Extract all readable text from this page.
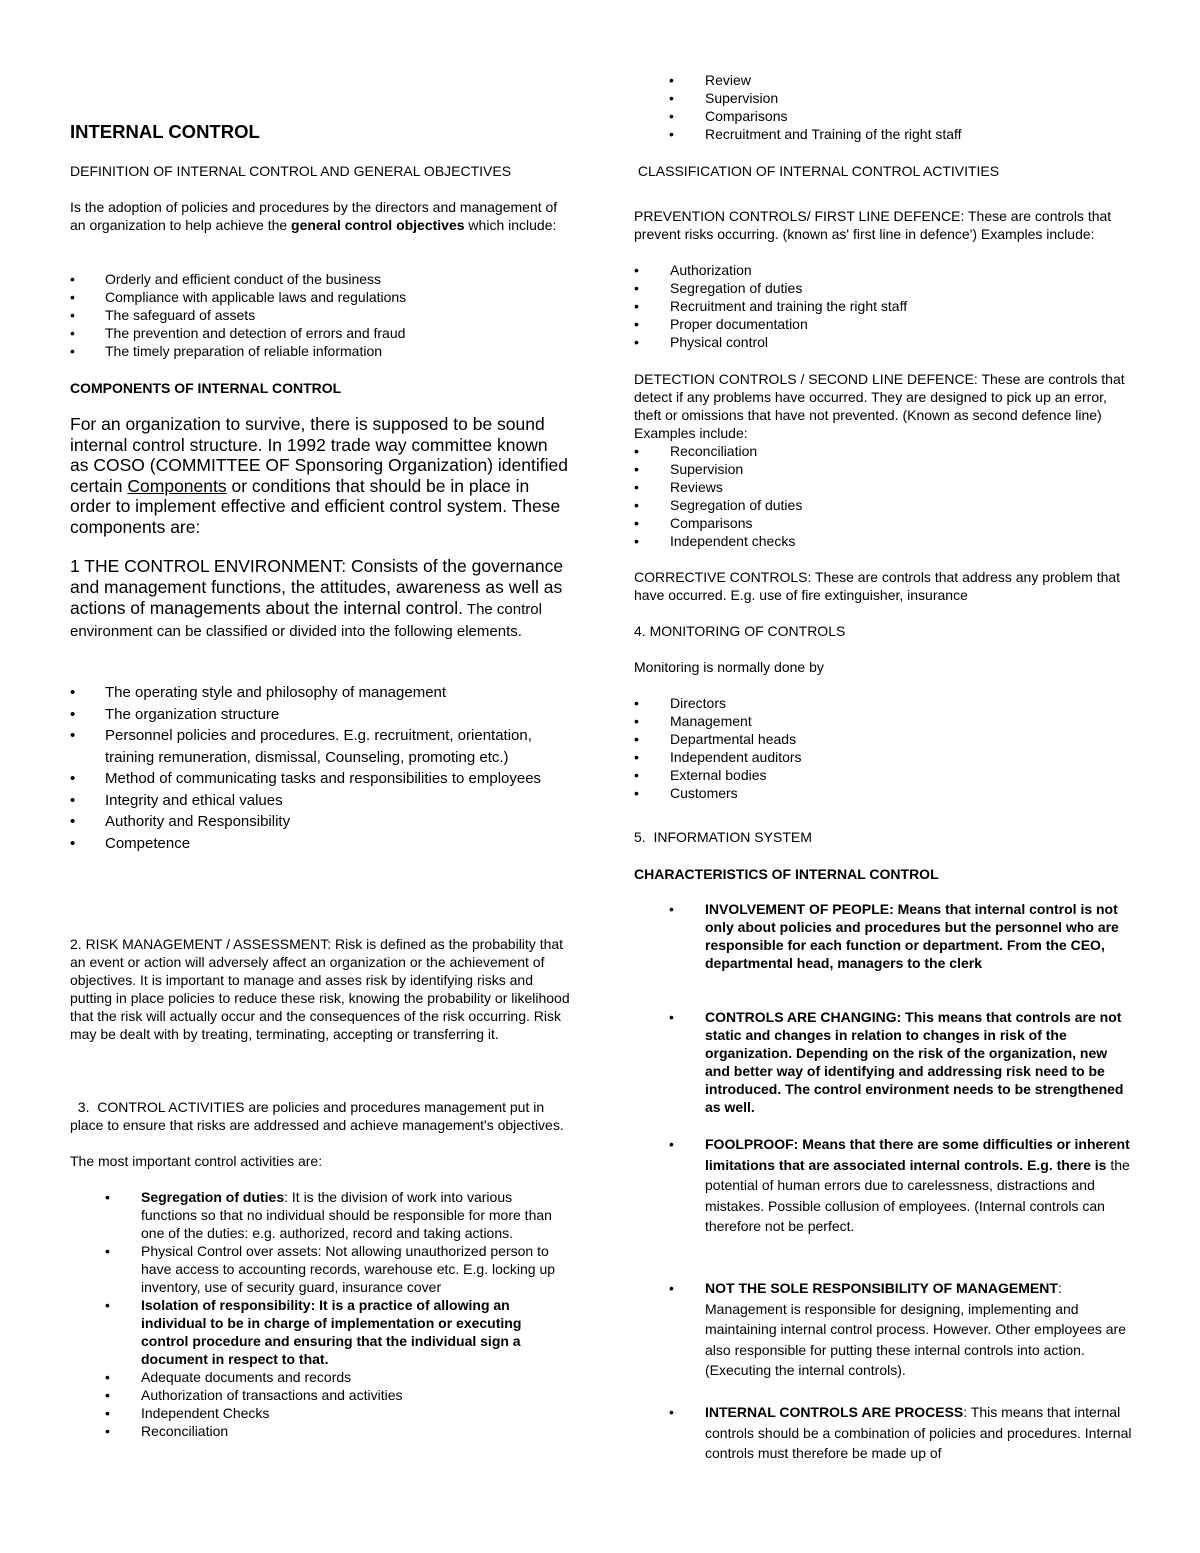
INTERNAL CONTROL
DEFINITION OF INTERNAL CONTROL AND GENERAL OBJECTIVES

Is the adoption of policies and procedures by the directors and management of an organization to help achieve the general control objectives which include:

• Orderly and efficient conduct of the business
• Compliance with applicable laws and regulations
• The safeguard of assets
• The prevention and detection of errors and fraud
• The timely preparation of reliable information
COMPONENTS OF INTERNAL CONTROL

For an organization to survive, there is supposed to be sound internal control structure. In 1992 trade way committee known as COSO (COMMITTEE OF Sponsoring Organization) identified certain Components or conditions that should be in place in order to implement effective and efficient control system. These components are:

1 THE CONTROL ENVIRONMENT: Consists of the governance and management functions, the attitudes, awareness as well as actions of managements about the internal control. The control environment can be classified or divided into the following elements.

• The operating style and philosophy of management
• The organization structure
• Personnel policies and procedures. E.g. recruitment, orientation, training remuneration, dismissal, Counseling, promoting etc.)
• Method of communicating tasks and responsibilities to employees
• Integrity and ethical values
• Authority and Responsibility
• Competence

2. RISK MANAGEMENT / ASSESSMENT: Risk is defined as the probability that an event or action will adversely affect an organization or the achievement of objectives. It is important to manage and asses risk by identifying risks and putting in place policies to reduce these risk, knowing the probability or likelihood that the risk will actually occur and the consequences of the risk occurring. Risk may be dealt with by treating, terminating, accepting or transferring it.

3.  CONTROL ACTIVITIES are policies and procedures management put in place to ensure that risks are addressed and achieve management's objectives.

The most important control activities are:

• Segregation of duties: It is the division of work into various functions so that no individual should be responsible for more than one of the duties: e.g. authorized, record and taking actions.
• Physical Control over assets: Not allowing unauthorized person to have access to accounting records, warehouse etc. E.g. locking up inventory, use of security guard, insurance cover
• Isolation of responsibility: It is a practice of allowing an individual to be in charge of implementation or executing control procedure and ensuring that the individual sign a document in respect to that.
• Adequate documents and records
• Authorization of transactions and activities
• Independent Checks
• Reconciliation
• Review
• Supervision
• Comparisons
• Recruitment and Training of the right staff
CLASSIFICATION OF INTERNAL CONTROL ACTIVITIES

PREVENTION CONTROLS/ FIRST LINE DEFENCE: These are controls that prevent risks occurring. (known as' first line in defence') Examples include:

• Authorization
• Segregation of duties
• Recruitment and training the right staff
• Proper documentation
• Physical control

DETECTION CONTROLS / SECOND LINE DEFENCE: These are controls that detect if any problems have occurred. They are designed to pick up an error, theft or omissions that have not prevented. (Known as second defence line) Examples include:

• Reconciliation
• Supervision
• Reviews
• Segregation of duties
• Comparisons
• Independent checks

CORRECTIVE CONTROLS: These are controls that address any problem that have occurred. E.g. use of fire extinguisher, insurance

4. MONITORING OF CONTROLS
Monitoring is normally done by
• Directors
• Management
• Departmental heads
• Independent auditors
• External bodies
• Customers
5.  INFORMATION SYSTEM
CHARACTERISTICS OF INTERNAL CONTROL
• INVOLVEMENT OF PEOPLE: Means that internal control is not only about policies and procedures but the personnel who are responsible for each function or department. From the CEO, departmental head, managers to the clerk
• CONTROLS ARE CHANGING: This means that controls are not static and changes in relation to changes in risk of the organization. Depending on the risk of the organization, new and better way of identifying and addressing risk need to be introduced. The control environment needs to be strengthened as well.
• FOOLPROOF: Means that there are some difficulties or inherent limitations that are associated internal controls. E.g. there is the potential of human errors due to carelessness, distractions and mistakes. Possible collusion of employees. (Internal controls can therefore not be perfect.
• NOT THE SOLE RESPONSIBILITY OF MANAGEMENT: Management is responsible for designing, implementing and maintaining internal control process. However. Other employees are also responsible for putting these internal controls into action. (Executing the internal controls).
• INTERNAL CONTROLS ARE PROCESS: This means that internal controls should be a combination of policies and procedures. Internal controls must therefore be made up of
